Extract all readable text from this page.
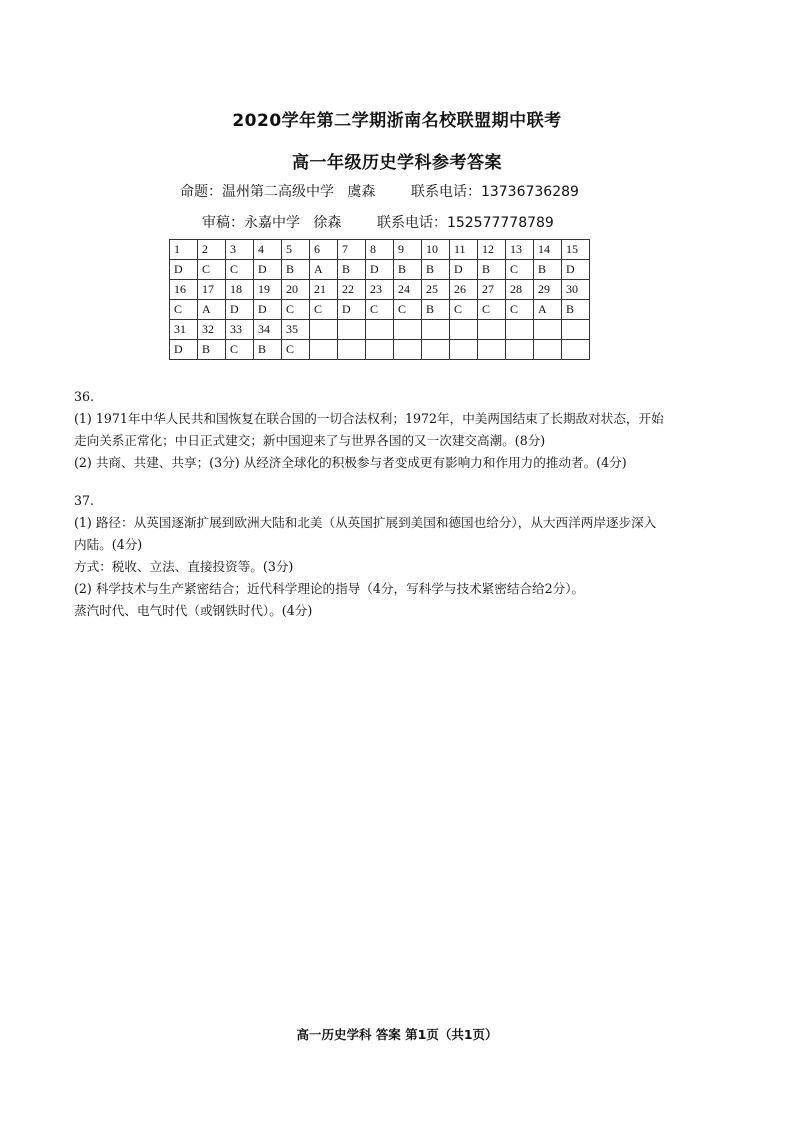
2020学年第二学期浙南名校联盟期中联考
高一年级历史学科参考答案
命题：温州第二高级中学   虞森        联系电话：13736736289
审稿：永嘉中学   徐森        联系电话：152577778789
1	2	3	4	5	6	7	8	9	10	11	12	13	14	15
D	C	C	D	B	A	B	D	B	B	D	B	C	B	D
16	17	18	19	20	21	22	23	24	25	26	27	28	29	30
C	A	D	D	C	C	D	C	C	B	C	C	C	A	B
31	32	33	34	35										
D	B	C	B	C										

36.

(1) 1971年中华人民共和国恢复在联合国的一切合法权利；1972年，中美两国结束了长期敌对状态，开始

走向关系正常化；中日正式建交；新中国迎来了与世界各国的又一次建交高潮。(8分)

(2) 共商、共建、共享；(3分) 从经济全球化的积极参与者变成更有影响力和作用力的推动者。(4分)

37.

(1) 路径：从英国逐渐扩展到欧洲大陆和北美（从英国扩展到美国和德国也给分），从大西洋两岸逐步深入

内陆。(4分)

方式：税收、立法、直接投资等。(3分)

(2) 科学技术与生产紧密结合；近代科学理论的指导（4分，写科学与技术紧密结合给2分）。

蒸汽时代、电气时代（或钢铁时代）。(4分)

高一历史学科 答案 第1页（共1页）
